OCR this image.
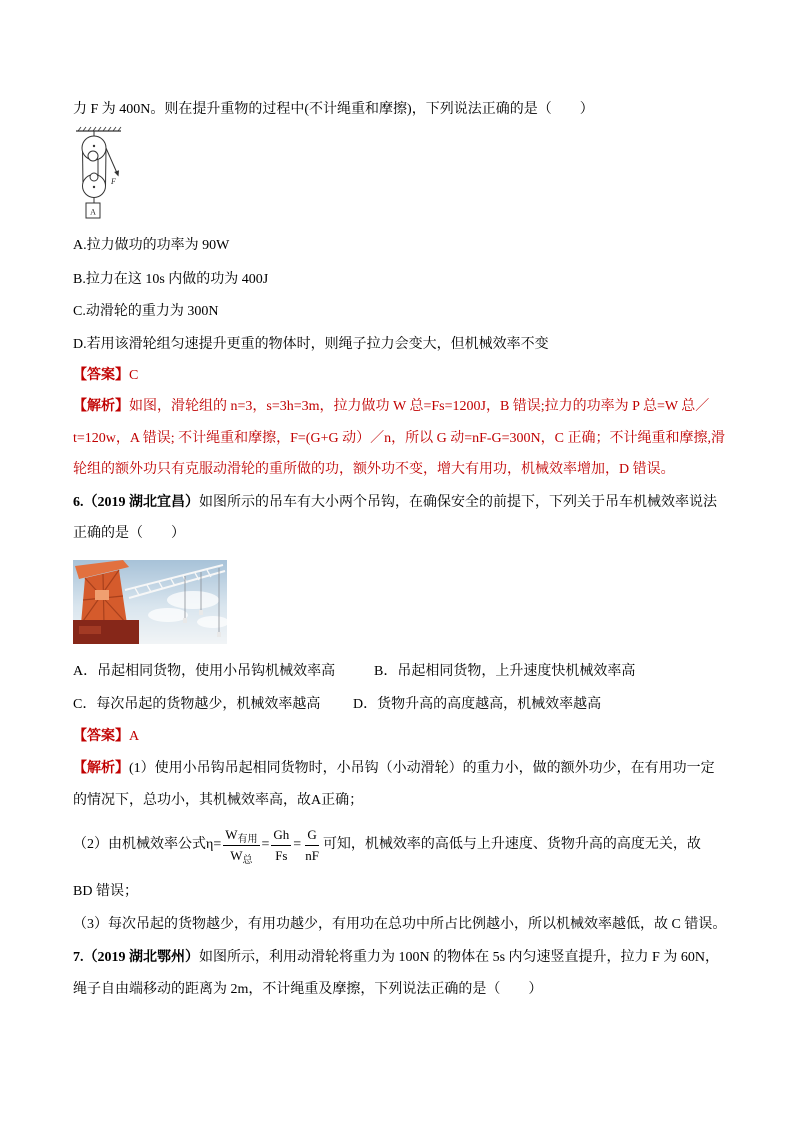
力 F 为 400N。则在提升重物的过程中(不计绳重和摩擦)，下列说法正确的是（　　）
F
A
A.拉力做功的功率为 90W
B.拉力在这 10s 内做的功为 400J
C.动滑轮的重力为 300N
D.若用该滑轮组匀速提升更重的物体时，则绳子拉力会变大，但机械效率不变
【答案】C
【解析】如图，滑轮组的 n=3，s=3h=3m，拉力做功 W 总=Fs=1200J，B 错误;拉力的功率为 P 总=W 总／
t=120w，A 错误; 不计绳重和摩擦，F=(G+G 动）／n，所以 G 动=nF-G=300N，C 正确；不计绳重和摩擦,滑
轮组的额外功只有克服动滑轮的重所做的功，额外功不变，增大有用功，机械效率增加，D 错误。
6.（2019 湖北宜昌）如图所示的吊车有大小两个吊钩，在确保安全的前提下，下列关于吊车机械效率说法
正确的是（　　）
A．吊起相同货物，使用小吊钩机械效率高	B．吊起相同货物，上升速度快机械效率高
C．每次吊起的货物越少，机械效率越高 D．货物升高的高度越高，机械效率越高
【答案】A
【解析】(1）使用小吊钩吊起相同货物时，小吊钩（小动滑轮）的重力小，做的额外功少，在有用功一定
的情况下，总功小，其机械效率高，故A正确；
（2）由机械效率公式$\eta= \frac{W_{有用}}{W_总} = \frac{Gh}{Fs} = \frac{G}{nF}$ 可知，机械效率的高低与上升速度、货物升高的高度无关，故
BD 错误；
（3）每次吊起的货物越少，有用功越少，有用功在总功中所占比例越小，所以机械效率越低，故 C 错误。
7.（2019 湖北鄂州）如图所示，利用动滑轮将重力为 100N 的物体在 5s 内匀速竖直提升，拉力 F 为 60N，
绳子自由端移动的距离为 2m，不计绳重及摩擦，下列说法正确的是（　　）
